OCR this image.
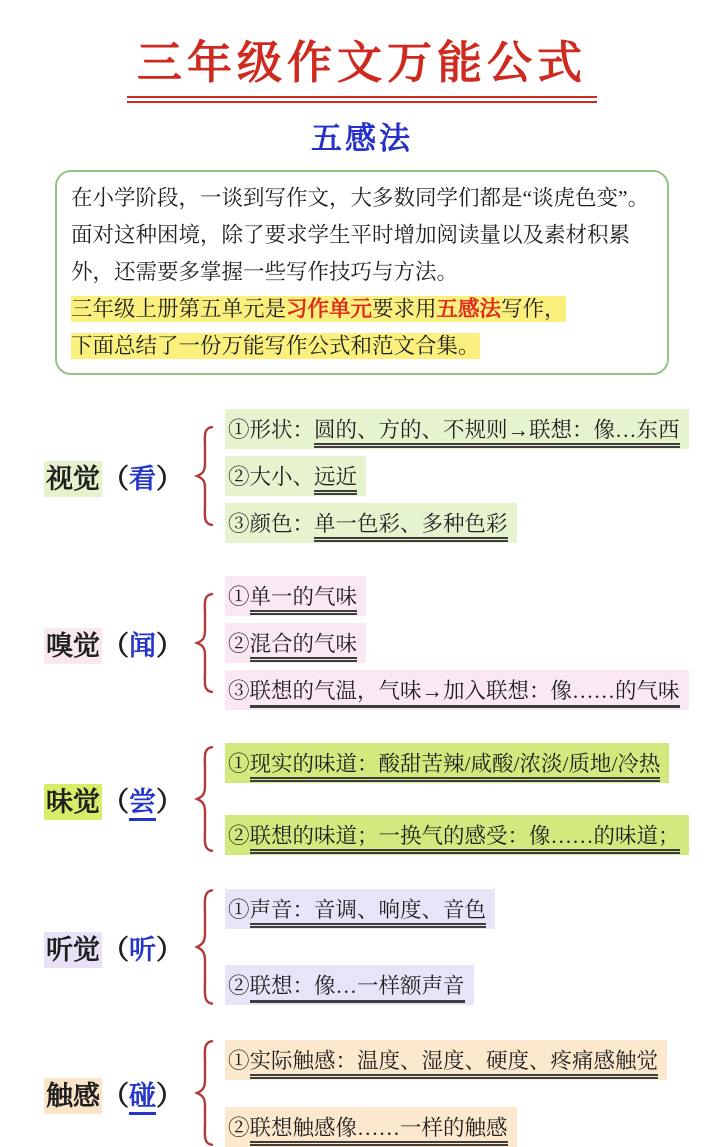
三年级作文万能公式
五感法

在小学阶段，一谈到写作文，大多数同学们都是“谈虎色变”。面对这种困境，除了要求学生平时增加阅读量以及素材积累外，还需要多掌握一些写作技巧与方法。

三年级上册第五单元是习作单元要求用五感法写作，

下面总结了一份万能写作公式和范文合集。

视觉（看）
①形状：圆的、方的、不规则→联想：像…东西
②大小、远近
③颜色：单一色彩、多种色彩
嗅觉（闻）
①单一的气味
②混合的气味
③联想的气温，气味→加入联想：像……的气味
味觉（尝）
①现实的味道：酸甜苦辣/咸酸/浓淡/质地/冷热
②联想的味道；一换气的感受：像……的味道；
听觉（听）
①声音：音调、响度、音色
②联想：像…一样额声音
触感（碰）
①实际触感：温度、湿度、硬度、疼痛感触觉
②联想触感像……一样的触感
